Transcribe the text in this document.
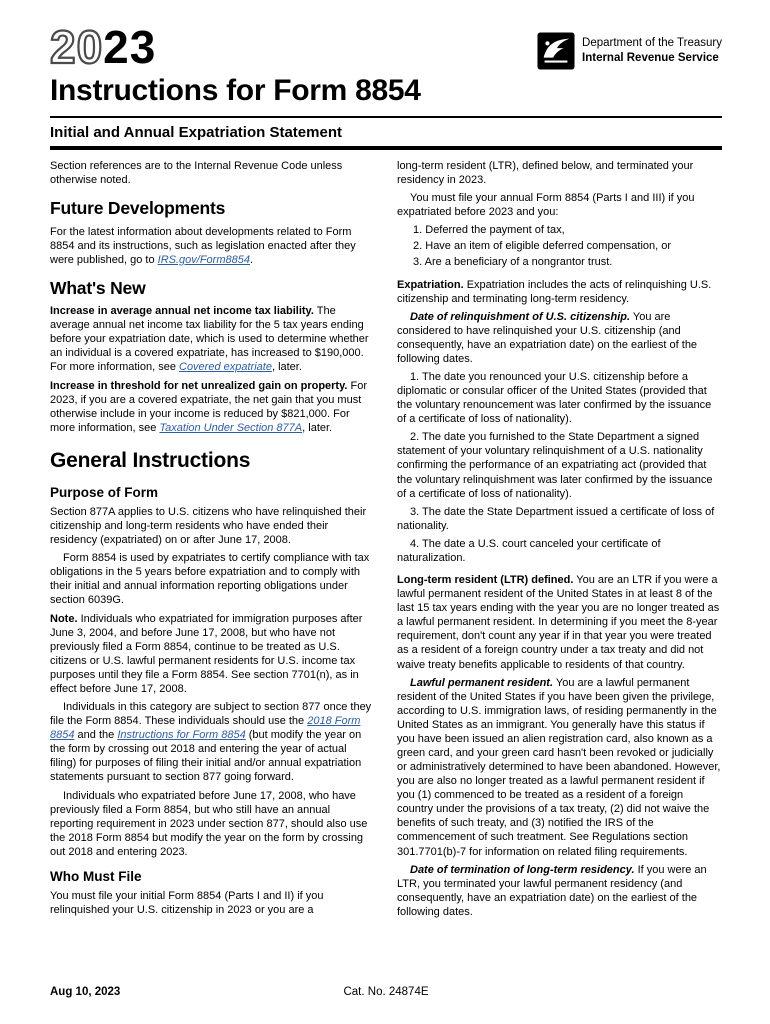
2023	Department of the Treasury
Internal Revenue Service
Instructions for Form 8854
Initial and Annual Expatriation Statement

Section references are to the Internal Revenue Code unless otherwise noted.

Future Developments

For the latest information about developments related to Form 8854 and its instructions, such as legislation enacted after they were published, go to IRS.gov/Form8854.

What's New

Increase in average annual net income tax liability. The average annual net income tax liability for the 5 tax years ending before your expatriation date, which is used to determine whether an individual is a covered expatriate, has increased to $190,000. For more information, see Covered expatriate, later.

Increase in threshold for net unrealized gain on property. For 2023, if you are a covered expatriate, the net gain that you must otherwise include in your income is reduced by $821,000. For more information, see Taxation Under Section 877A, later.

General Instructions
Purpose of Form

Section 877A applies to U.S. citizens who have relinquished their citizenship and long-term residents who have ended their residency (expatriated) on or after June 17, 2008.

Form 8854 is used by expatriates to certify compliance with tax obligations in the 5 years before expatriation and to comply with their initial and annual information reporting obligations under section 6039G.

Note. Individuals who expatriated for immigration purposes after June 3, 2004, and before June 17, 2008, but who have not previously filed a Form 8854, continue to be treated as U.S. citizens or U.S. lawful permanent residents for U.S. income tax purposes until they file a Form 8854. See section 7701(n), as in effect before June 17, 2008.

Individuals in this category are subject to section 877 once they file the Form 8854. These individuals should use the 2018 Form 8854 and the Instructions for Form 8854 (but modify the year on the form by crossing out 2018 and entering the year of actual filing) for purposes of filing their initial and/or annual expatriation statements pursuant to section 877 going forward.

Individuals who expatriated before June 17, 2008, who have previously filed a Form 8854, but who still have an annual reporting requirement in 2023 under section 877, should also use the 2018 Form 8854 but modify the year on the form by crossing out 2018 and entering 2023.

Who Must File

You must file your initial Form 8854 (Parts I and II) if you relinquished your U.S. citizenship in 2023 or you are a

long-term resident (LTR), defined below, and terminated your residency in 2023.

You must file your annual Form 8854 (Parts I and III) if you expatriated before 2023 and you:

1. Deferred the payment of tax,

2. Have an item of eligible deferred compensation, or

3. Are a beneficiary of a nongrantor trust.

Expatriation. Expatriation includes the acts of relinquishing U.S. citizenship and terminating long-term residency.

Date of relinquishment of U.S. citizenship. You are considered to have relinquished your U.S. citizenship (and consequently, have an expatriation date) on the earliest of the following dates.

1. The date you renounced your U.S. citizenship before a diplomatic or consular officer of the United States (provided that the voluntary renouncement was later confirmed by the issuance of a certificate of loss of nationality).

2. The date you furnished to the State Department a signed statement of your voluntary relinquishment of a U.S. nationality confirming the performance of an expatriating act (provided that the voluntary relinquishment was later confirmed by the issuance of a certificate of loss of nationality).

3. The date the State Department issued a certificate of loss of nationality.

4. The date a U.S. court canceled your certificate of naturalization.

Long-term resident (LTR) defined. You are an LTR if you were a lawful permanent resident of the United States in at least 8 of the last 15 tax years ending with the year you are no longer treated as a lawful permanent resident. In determining if you meet the 8-year requirement, don't count any year if in that year you were treated as a resident of a foreign country under a tax treaty and did not waive treaty benefits applicable to residents of that country.

Lawful permanent resident. You are a lawful permanent resident of the United States if you have been given the privilege, according to U.S. immigration laws, of residing permanently in the United States as an immigrant. You generally have this status if you have been issued an alien registration card, also known as a green card, and your green card hasn't been revoked or judicially or administratively determined to have been abandoned. However, you are also no longer treated as a lawful permanent resident if you (1) commenced to be treated as a resident of a foreign country under the provisions of a tax treaty, (2) did not waive the benefits of such treaty, and (3) notified the IRS of the commencement of such treatment. See Regulations section 301.7701(b)-7 for information on related filing requirements.

Date of termination of long-term residency. If you were an LTR, you terminated your lawful permanent residency (and consequently, have an expatriation date) on the earliest of the following dates.

Aug 10, 2023	Cat. No. 24874E
